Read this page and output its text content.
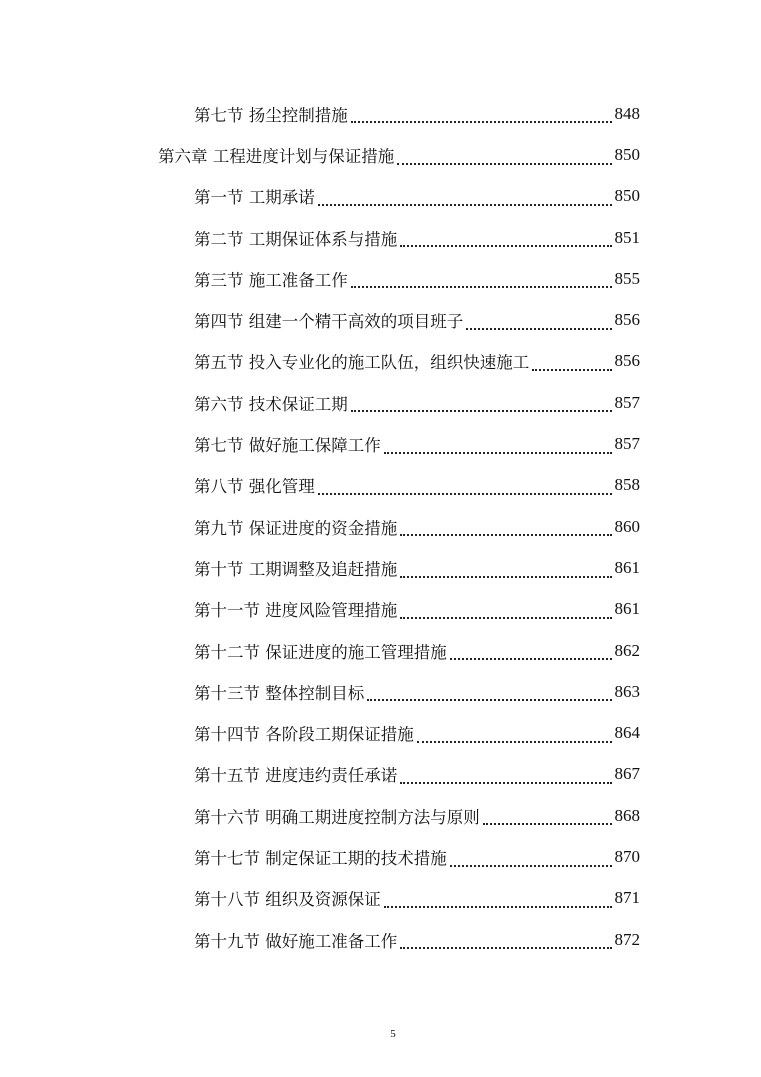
第七节 扬尘控制措施	848
第六章 工程进度计划与保证措施	850
第一节 工期承诺	850
第二节 工期保证体系与措施	851
第三节 施工准备工作	855
第四节 组建一个精干高效的项目班子	856
第五节 投入专业化的施工队伍，组织快速施工	856
第六节 技术保证工期	857
第七节 做好施工保障工作	857
第八节 强化管理	858
第九节 保证进度的资金措施	860
第十节 工期调整及追赶措施	861
第十一节 进度风险管理措施	861
第十二节 保证进度的施工管理措施	862
第十三节 整体控制目标	863
第十四节 各阶段工期保证措施	864
第十五节 进度违约责任承诺	867
第十六节 明确工期进度控制方法与原则	868
第十七节 制定保证工期的技术措施	870
第十八节 组织及资源保证	871
第十九节 做好施工准备工作	872
5
